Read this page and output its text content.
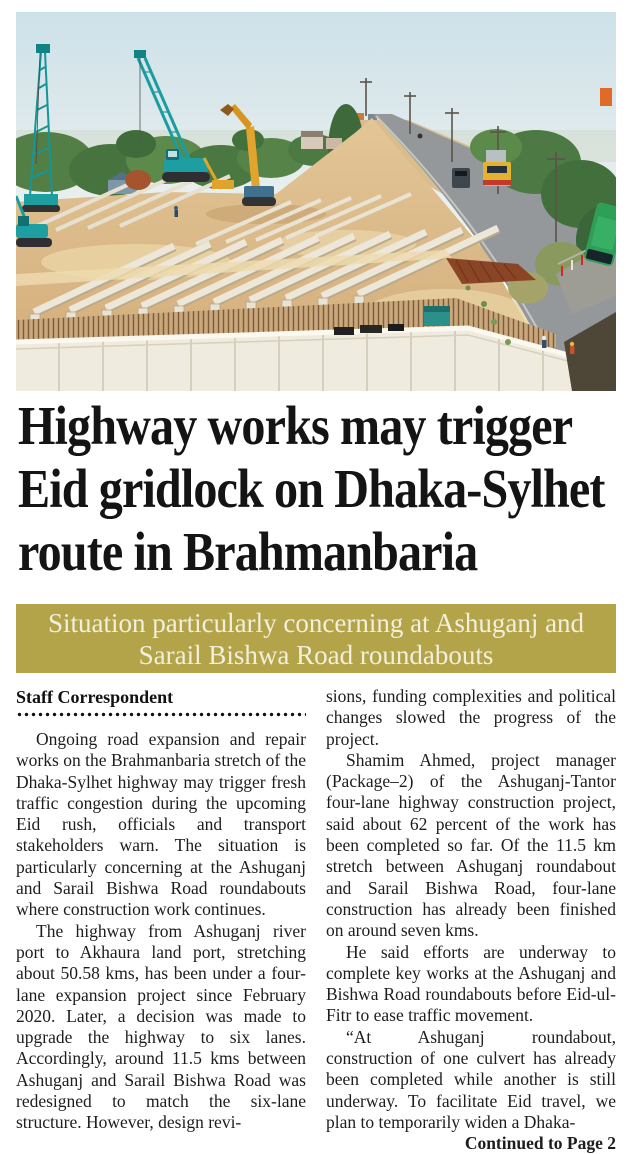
Highway works may trigger Eid gridlock on Dhaka-Sylhet route in Brahmanbaria
Situation particularly concerning at Ashuganj and Sarail Bishwa Road roundabouts
Staff Correspondent

Ongoing road expansion and repair works on the Brahmanbaria stretch of the Dhaka-Sylhet highway may trigger fresh traffic congestion during the upcoming Eid rush, officials and transport stakeholders warn. The situation is particularly concerning at the Ashuganj and Sarail Bishwa Road roundabouts where construction work continues.

The highway from Ashuganj river port to Akhaura land port, stretching about 50.58 kms, has been under a four-lane expansion project since February 2020. Later, a decision was made to upgrade the highway to six lanes. Accordingly, around 11.5 kms between Ashuganj and Sarail Bishwa Road was redesigned to match the six-lane structure. However, design revi-

sions, funding complexities and political changes slowed the progress of the project.

Shamim Ahmed, project manager (Package–2) of the Ashuganj-Tantor four-lane highway construction project, said about 62 percent of the work has been completed so far. Of the 11.5 km stretch between Ashuganj roundabout and Sarail Bishwa Road, four-lane construction has already been finished on around seven kms.

He said efforts are underway to complete key works at the Ashuganj and Bishwa Road roundabouts before Eid-ul-Fitr to ease traffic movement.

“At Ashuganj roundabout, construction of one culvert has already been completed while another is still underway. To facilitate Eid travel, we plan to temporarily widen a Dhaka-

Continued to Page 2
